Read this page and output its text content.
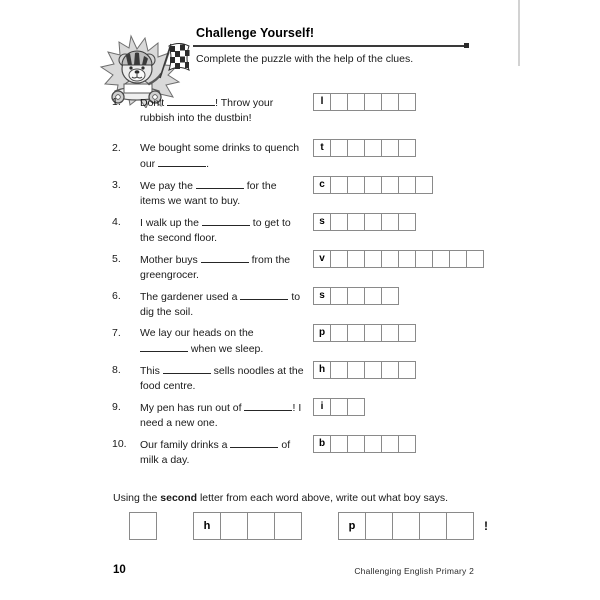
Challenge Yourself!
Complete the puzzle with the help of the clues.
1.	Don't	! Throw your rubbish into the dustbin!
l
2.	We bought some drinks to quench our	.
t
3.	We pay the	for the items we want to buy.
c
4.	I walk up the	to get to the second floor.
s
5.	Mother buys	from the greengrocer.
v
6.	The gardener used a	to dig the soil.
s
7.	We lay our heads on the  when we sleep.
p
8.	This	sells noodles at the food centre.
h
9.	My pen has run out of	! I need a new one.
i
10.	Our family drinks a	of milk a day.
b
Using the second letter from each word above, write out what boy says.
h	p	!
10	Challenging English Primary 2
